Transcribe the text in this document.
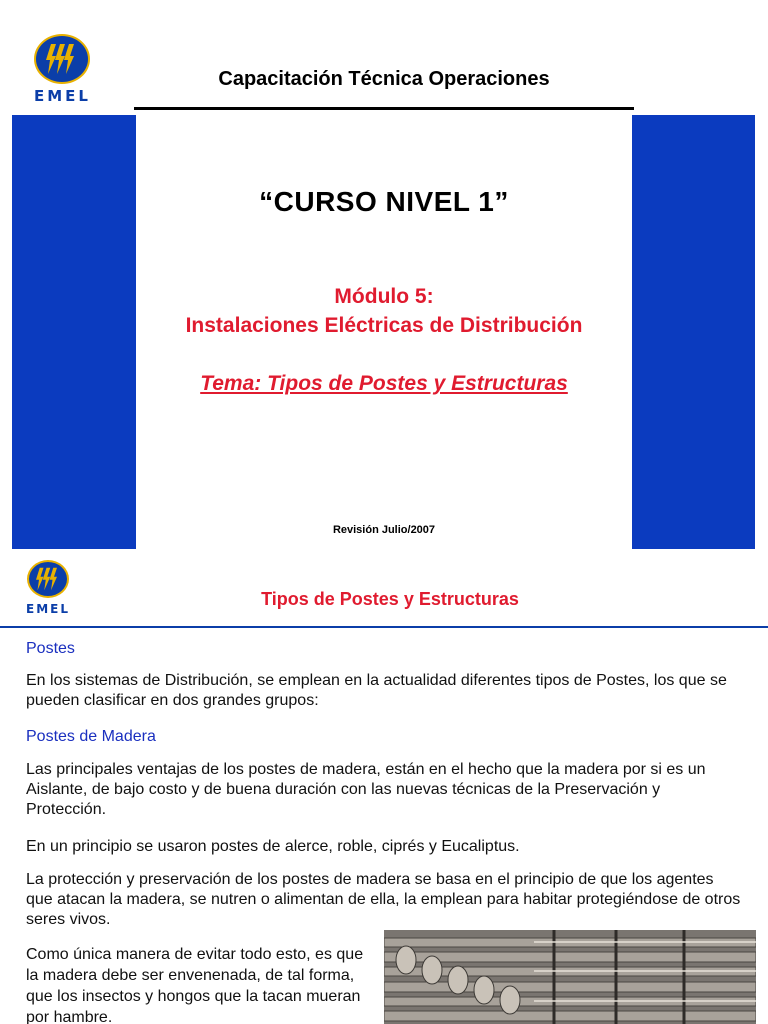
EMEL
Capacitación Técnica Operaciones
“CURSO NIVEL 1”
Módulo 5:
Instalaciones Eléctricas de Distribución
Tema: Tipos de Postes y Estructuras
Revisión Julio/2007
EMEL	Tipos de Postes y Estructuras
Postes
En los sistemas de Distribución, se emplean en la actualidad diferentes tipos de Postes, los que se pueden clasificar en dos grandes grupos:
Postes de Madera
Las principales ventajas de los postes de madera, están en el hecho que la madera por si es un Aislante, de bajo costo y de buena duración con las nuevas técnicas de la Preservación y Protección.
En un principio se usaron postes de alerce, roble, ciprés y Eucaliptus.
La protección y preservación de los postes de madera se basa en el principio de que los agentes que atacan la madera, se nutren o alimentan de ella, la emplean para habitar protegiéndose de otros seres vivos.
Como única manera de evitar todo esto, es que la madera debe ser envenenada, de tal forma, que los insectos y hongos que la tacan mueran por hambre.
